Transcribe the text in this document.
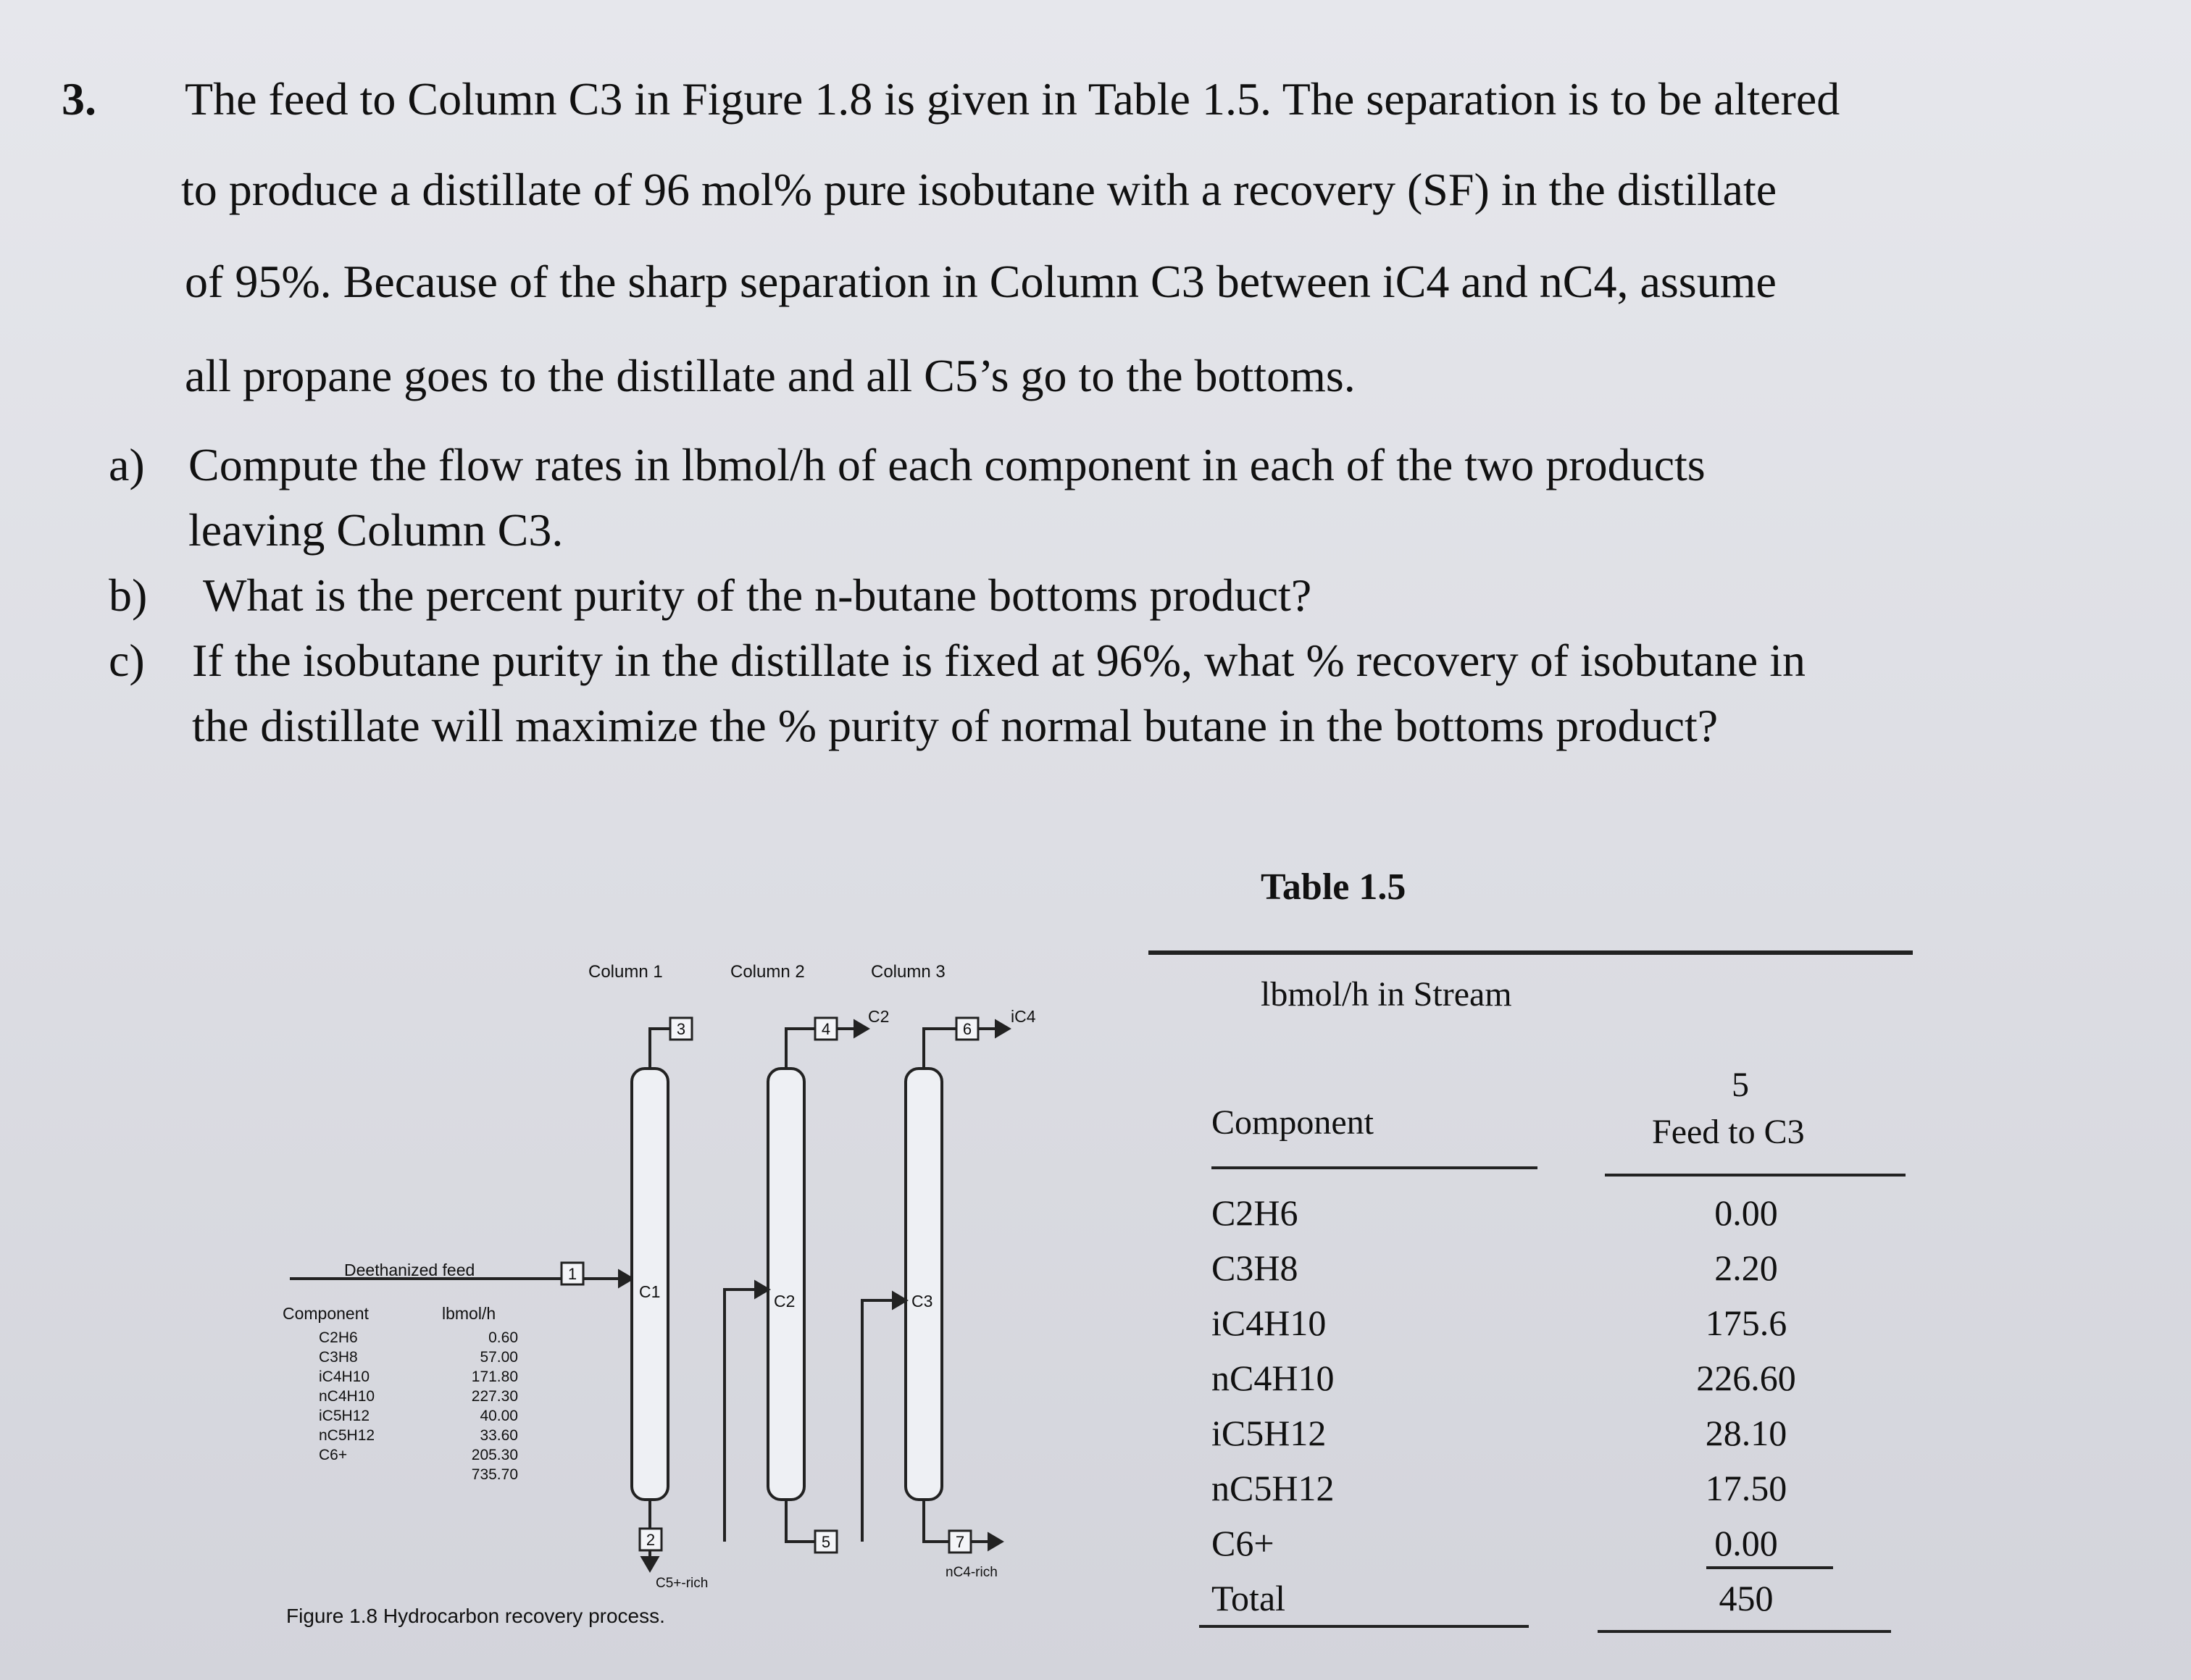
3. The feed to Column C3 in Figure 1.8 is given in Table 1.5. The separation is to be altered
to produce a distillate of 96 mol% pure isobutane with a recovery (SF) in the distillate
of 95%. Because of the sharp separation in Column C3 between iC4 and nC4, assume
all propane goes to the distillate and all C5’s go to the bottoms.
a) Compute the flow rates in lbmol/h of each component in each of the two products
leaving Column C3.
b) What is the percent purity of the n-butane bottoms product?
c) If the isobutane purity in the distillate is fixed at 96%, what % recovery of isobutane in
the distillate will maximize the % purity of normal butane in the bottoms product?
1
2
3	4
5
6
7
Column 1	Column 2	Column 3
C1	C2	C3
C2	iC4
C5+-rich
nC4-rich
Deethanized feed
Component	lbmol/h
C2H6	0.60
C3H8	57.00
iC4H10	171.80
nC4H10	227.30
iC5H12	40.00
nC5H12	33.60
C6+	205.30
735.70
Figure 1.8 Hydrocarbon recovery process.
Table 1.5
lbmol/h in Stream
5
Component	Feed to C3
C2H6	0.00
C3H8	2.20
iC4H10	175.6
nC4H10	226.60
iC5H12	28.10
nC5H12	17.50
C6+	0.00
Total	450
